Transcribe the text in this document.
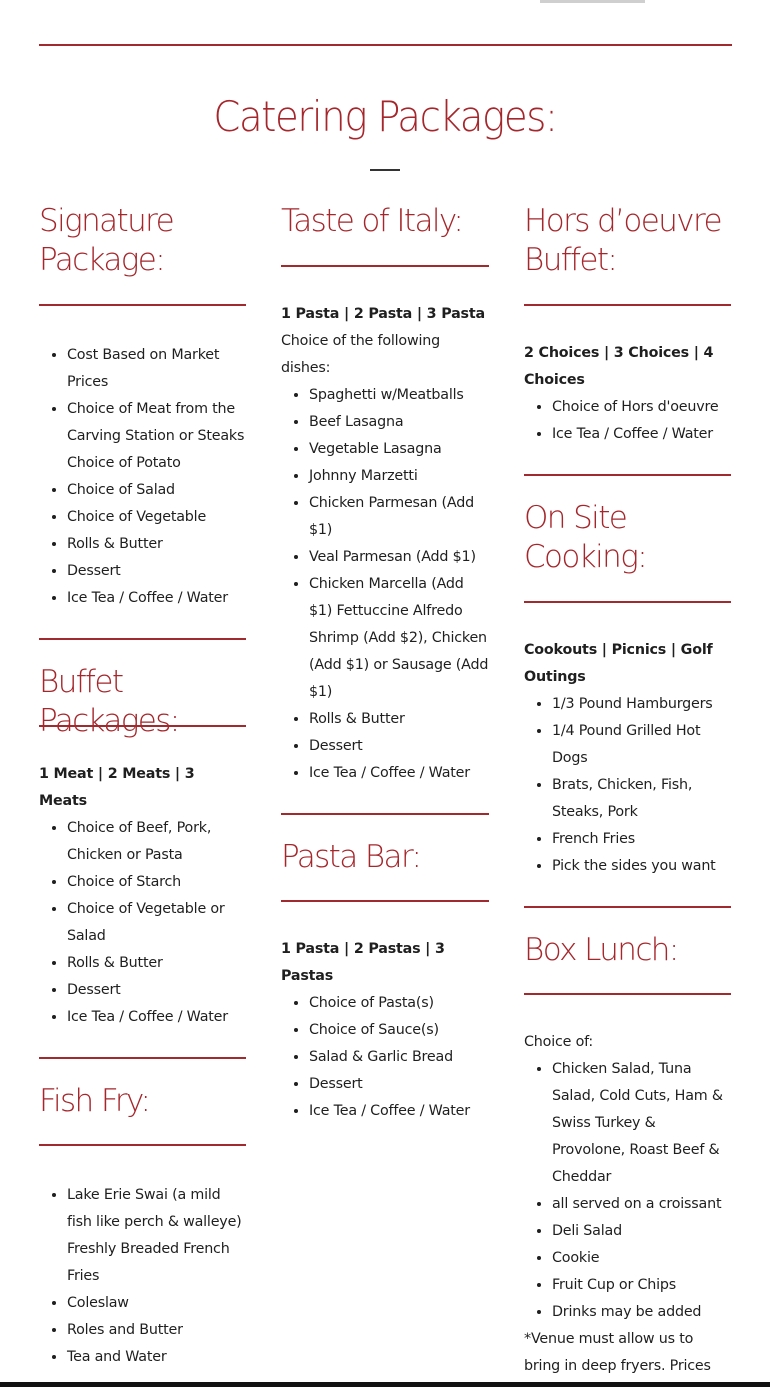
Catering Packages:
Signature Package:
• Cost Based on Market Prices
• Choice of Meat from the Carving Station or Steaks Choice of Potato
• Choice of Salad
• Choice of Vegetable
• Rolls & Butter
• Dessert
• Ice Tea / Coffee / Water
Buffet Packages:
1 Meat | 2 Meats | 3 Meats
• Choice of Beef, Pork, Chicken or Pasta
• Choice of Starch
• Choice of Vegetable or Salad
• Rolls & Butter
• Dessert
• Ice Tea / Coffee / Water
Fish Fry:
• Lake Erie Swai (a mild fish like perch & walleye) Freshly Breaded French Fries
• Coleslaw
• Roles and Butter
• Tea and Water
Taste of Italy:
1 Pasta | 2 Pasta | 3 Pasta
Choice of the following dishes:
• Spaghetti w/Meatballs
• Beef Lasagna
• Vegetable Lasagna
• Johnny Marzetti
• Chicken Parmesan (Add $1)
• Veal Parmesan (Add $1)
• Chicken Marcella (Add $1) Fettuccine Alfredo Shrimp (Add $2), Chicken (Add $1) or Sausage (Add $1)
• Rolls & Butter
• Dessert
• Ice Tea / Coffee / Water
Pasta Bar:
1 Pasta | 2 Pastas | 3 Pastas
• Choice of Pasta(s)
• Choice of Sauce(s)
• Salad & Garlic Bread
• Dessert
• Ice Tea / Coffee / Water
Hors d’oeuvre Buffet:
2 Choices | 3 Choices | 4 Choices
• Choice of Hors d'oeuvre
• Ice Tea / Coffee / Water
On Site Cooking:
Cookouts | Picnics | Golf Outings
• 1/3 Pound Hamburgers
• 1/4 Pound Grilled Hot Dogs
• Brats, Chicken, Fish, Steaks, Pork
• French Fries
• Pick the sides you want
Box Lunch:
Choice of:
• Chicken Salad, Tuna Salad, Cold Cuts, Ham & Swiss Turkey & Provolone, Roast Beef & Cheddar
• all served on a croissant
• Deli Salad
• Cookie
• Fruit Cup or Chips
• Drinks may be added
*Venue must allow us to bring in deep fryers. Prices
